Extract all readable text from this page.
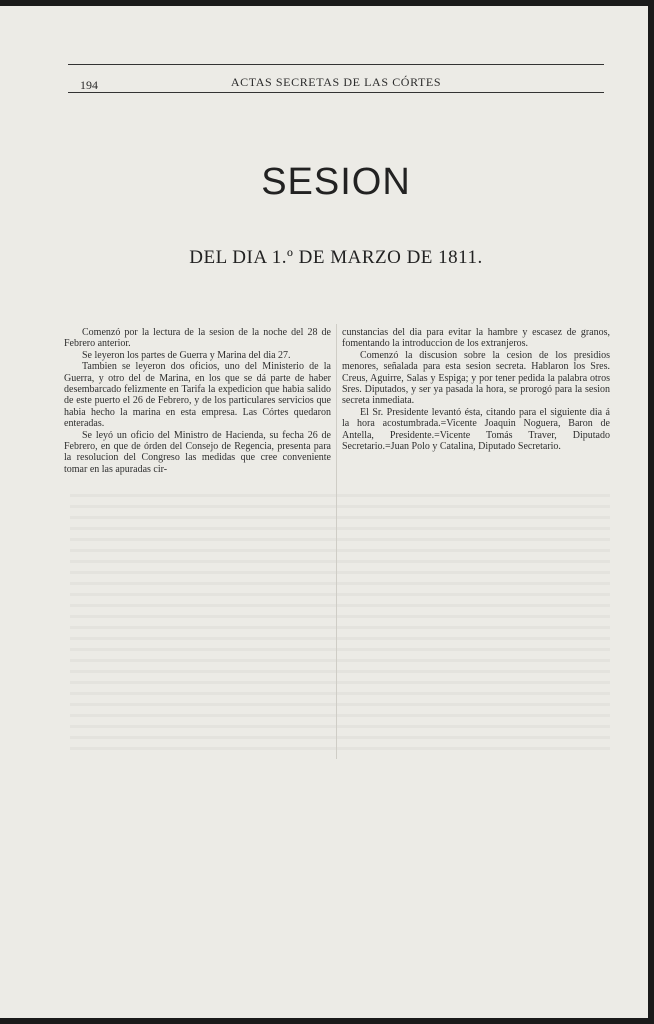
194	ACTAS SECRETAS DE LAS CÓRTES
SESION
DEL DIA 1.º DE MARZO DE 1811.

Comenzó por la lectura de la sesion de la noche del 28 de Febrero anterior.

Se leyeron los partes de Guerra y Marina del dia 27.

Tambien se leyeron dos oficios, uno del Ministerio de la Guerra, y otro del de Marina, en los que se dá parte de haber desembarcado felizmente en Tarifa la expedicion que habia salido de este puerto el 26 de Febrero, y de los particulares servicios que habia hecho la marina en esta empresa. Las Córtes quedaron enteradas.

Se leyó un oficio del Ministro de Hacienda, su fecha 26 de Febrero, en que de órden del Consejo de Regencia, presenta para la resolucion del Congreso las medidas que cree conveniente tomar en las apuradas cir-

cunstancias del dia para evitar la hambre y escasez de granos, fomentando la introduccion de los extranjeros.

Comenzó la discusion sobre la cesion de los presidios menores, señalada para esta sesion secreta. Hablaron los Sres. Creus, Aguirre, Salas y Espiga; y por tener pedida la palabra otros Sres. Diputados, y ser ya pasada la hora, se prorogó para la sesion secreta inmediata.

El Sr. Presidente levantó ésta, citando para el siguiente dia á la hora acostumbrada.=Vicente Joaquin Noguera, Baron de Antella, Presidente.=Vicente Tomás Traver, Diputado Secretario.=Juan Polo y Catalina, Diputado Secretario.
